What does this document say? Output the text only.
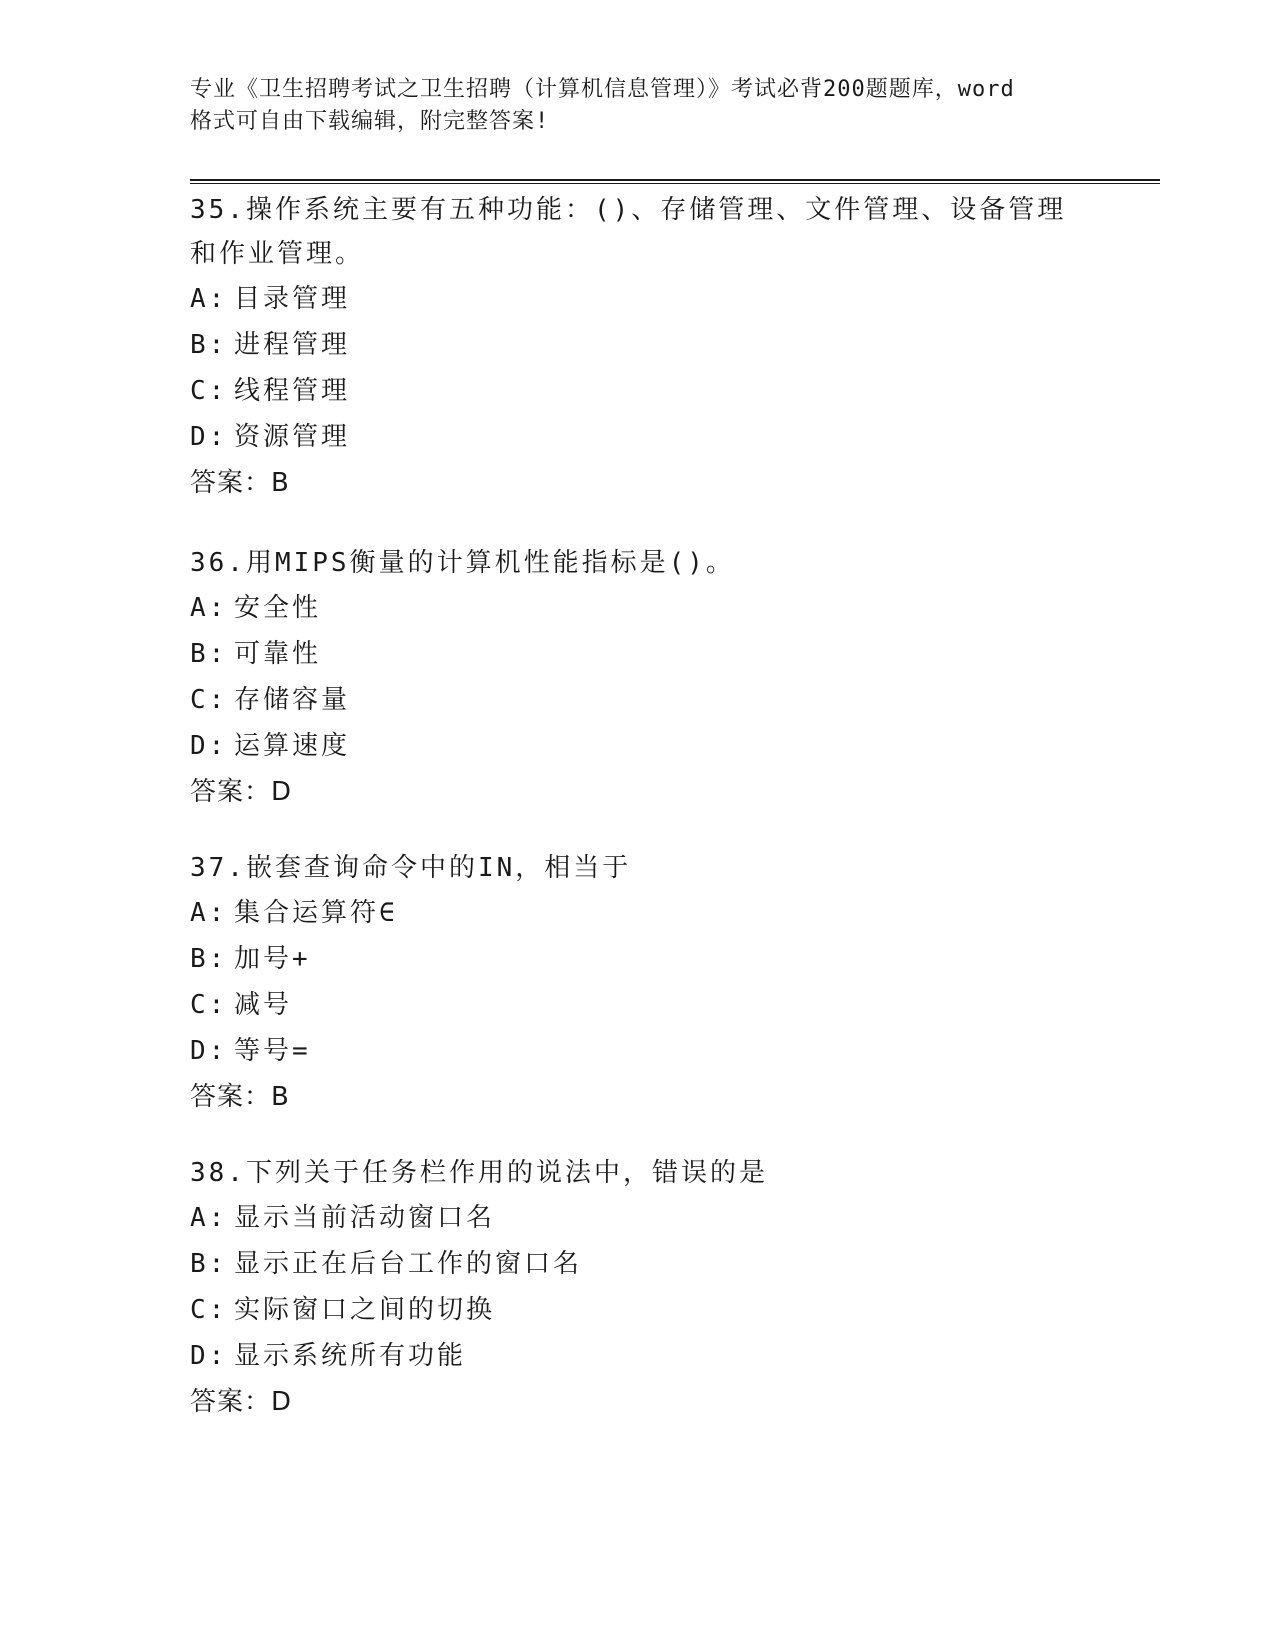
专业《卫生招聘考试之卫生招聘（计算机信息管理）》考试必背200题题库，word
格式可自由下载编辑，附完整答案!
35.操作系统主要有五种功能：()、存储管理、文件管理、设备管理和作业管理。
A: 目录管理
B: 进程管理
C: 线程管理
D: 资源管理
答案：B
36.用MIPS衡量的计算机性能指标是()。
A: 安全性
B: 可靠性
C: 存储容量
D: 运算速度
答案：D
37.嵌套查询命令中的IN，相当于
A: 集合运算符∈
B: 加号+
C: 减号
D: 等号=
答案：B
38.下列关于任务栏作用的说法中，错误的是
A: 显示当前活动窗口名
B: 显示正在后台工作的窗口名
C: 实际窗口之间的切换
D: 显示系统所有功能
答案：D
